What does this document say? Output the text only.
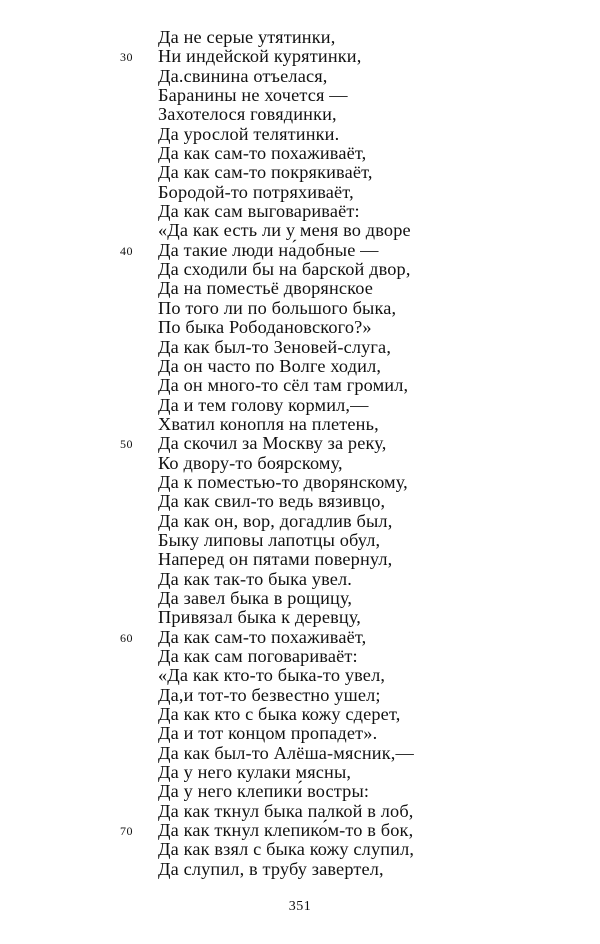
Да не серые утятинки,
30	Ни индейской курятинки,
Да.свинина отъелася,
Баранины не хочется —
Захотелося говядинки,
Да урослой телятинки.
Да как сам-то похаживаёт,
Да как сам-то покрякиваёт,
Бородой-то потряхиваёт,
Да как сам выговариваёт:
«Да как есть ли у меня во дворе
40	Да такие люди на́добные —
Да сходили бы на барской двор,
Да на поместьё дворянское
По того ли по большого быка,
По быка Рободановского?»
Да как был-то Зеновей-слуга,
Да он часто по Волге ходил,
Да он много-то сёл там громил,
Да и тем голову кормил,—
Хватил конопля на плетень,
50	Да скочил за Москву за реку,
Ко двору-то боярскому,
Да к поместью-то дворянскому,
Да как свил-то ведь вязивцо,
Да как он, вор, догадлив был,
Быку липовы лапотцы обул,
Наперед он пятами повернул,
Да как так-то быка увел.
Да завел быка в рощицу,
Привязал быка к деревцу,
60	Да как сам-то похаживаёт,
Да как сам поговариваёт:
«Да как кто-то быка-то увел,
Да,и тот-то безвестно ушел;
Да как кто с быка кожу сдерет,
Да и тот концом пропадет».
Да как был-то Алёша-мясник,—
Да у него кулаки мясны,
Да у него клепики́ востры:
Да как ткнул быка палкой в лоб,
70	Да как ткнул клепико́м-то в бок,
Да как взял с быка кожу слупил,
Да слупил, в трубу завертел,
351
